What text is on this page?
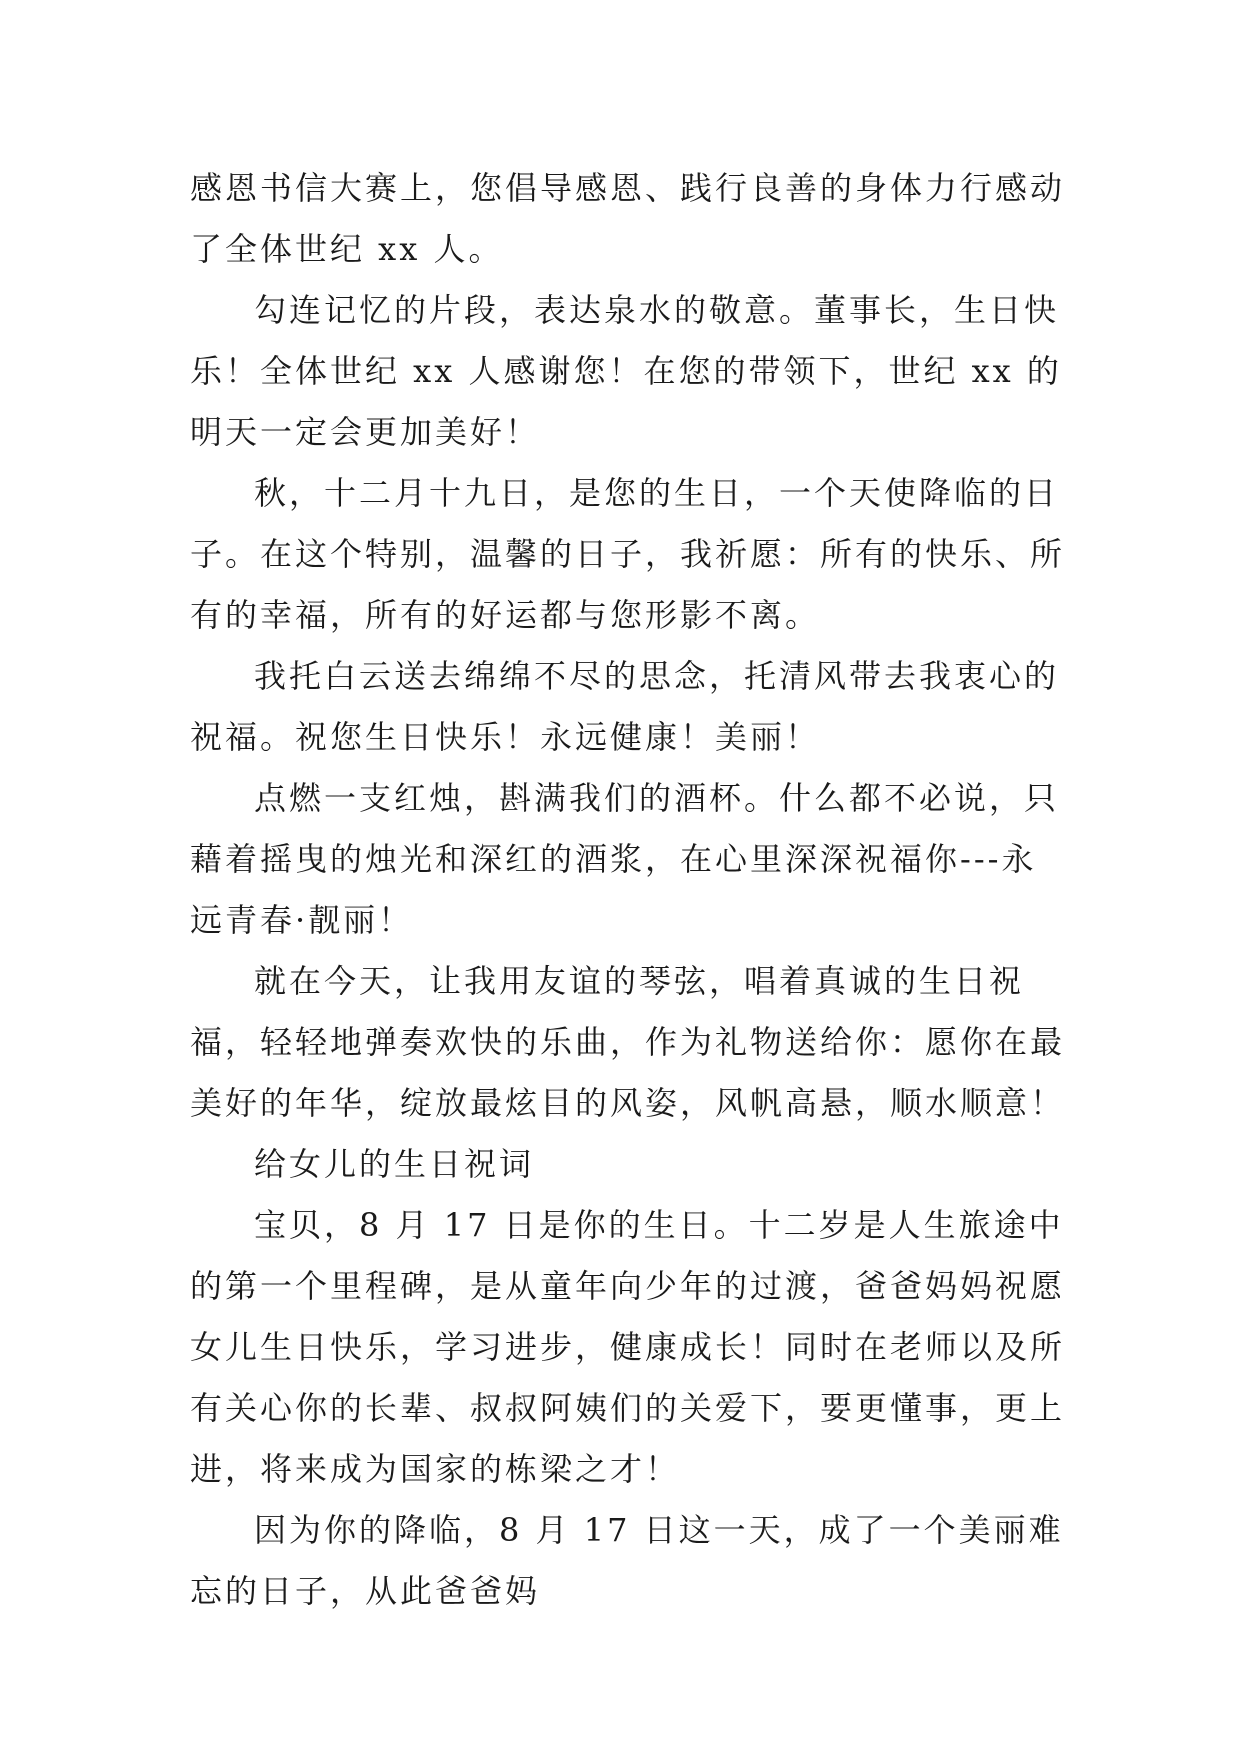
感恩书信大赛上，您倡导感恩、践行良善的身体力行感动了全体世纪 xx 人。

勾连记忆的片段，表达泉水的敬意。董事长，生日快乐！全体世纪 xx 人感谢您！在您的带领下，世纪 xx 的明天一定会更加美好！

秋，十二月十九日，是您的生日，一个天使降临的日子。在这个特别，温馨的日子，我祈愿：所有的快乐、所有的幸福，所有的好运都与您形影不离。

我托白云送去绵绵不尽的思念，托清风带去我衷心的祝福。祝您生日快乐！永远健康！美丽！

点燃一支红烛，斟满我们的酒杯。什么都不必说，只藉着摇曳的烛光和深红的酒浆，在心里深深祝福你---永远青春·靓丽！

就在今天，让我用友谊的琴弦，唱着真诚的生日祝福，轻轻地弹奏欢快的乐曲，作为礼物送给你：愿你在最美好的年华，绽放最炫目的风姿，风帆高悬，顺水顺意！

给女儿的生日祝词

宝贝，8 月 17 日是你的生日。十二岁是人生旅途中的第一个里程碑，是从童年向少年的过渡，爸爸妈妈祝愿女儿生日快乐，学习进步，健康成长！同时在老师以及所有关心你的长辈、叔叔阿姨们的关爱下，要更懂事，更上进，将来成为国家的栋梁之才！

因为你的降临，8 月 17 日这一天，成了一个美丽难忘的日子，从此爸爸妈
